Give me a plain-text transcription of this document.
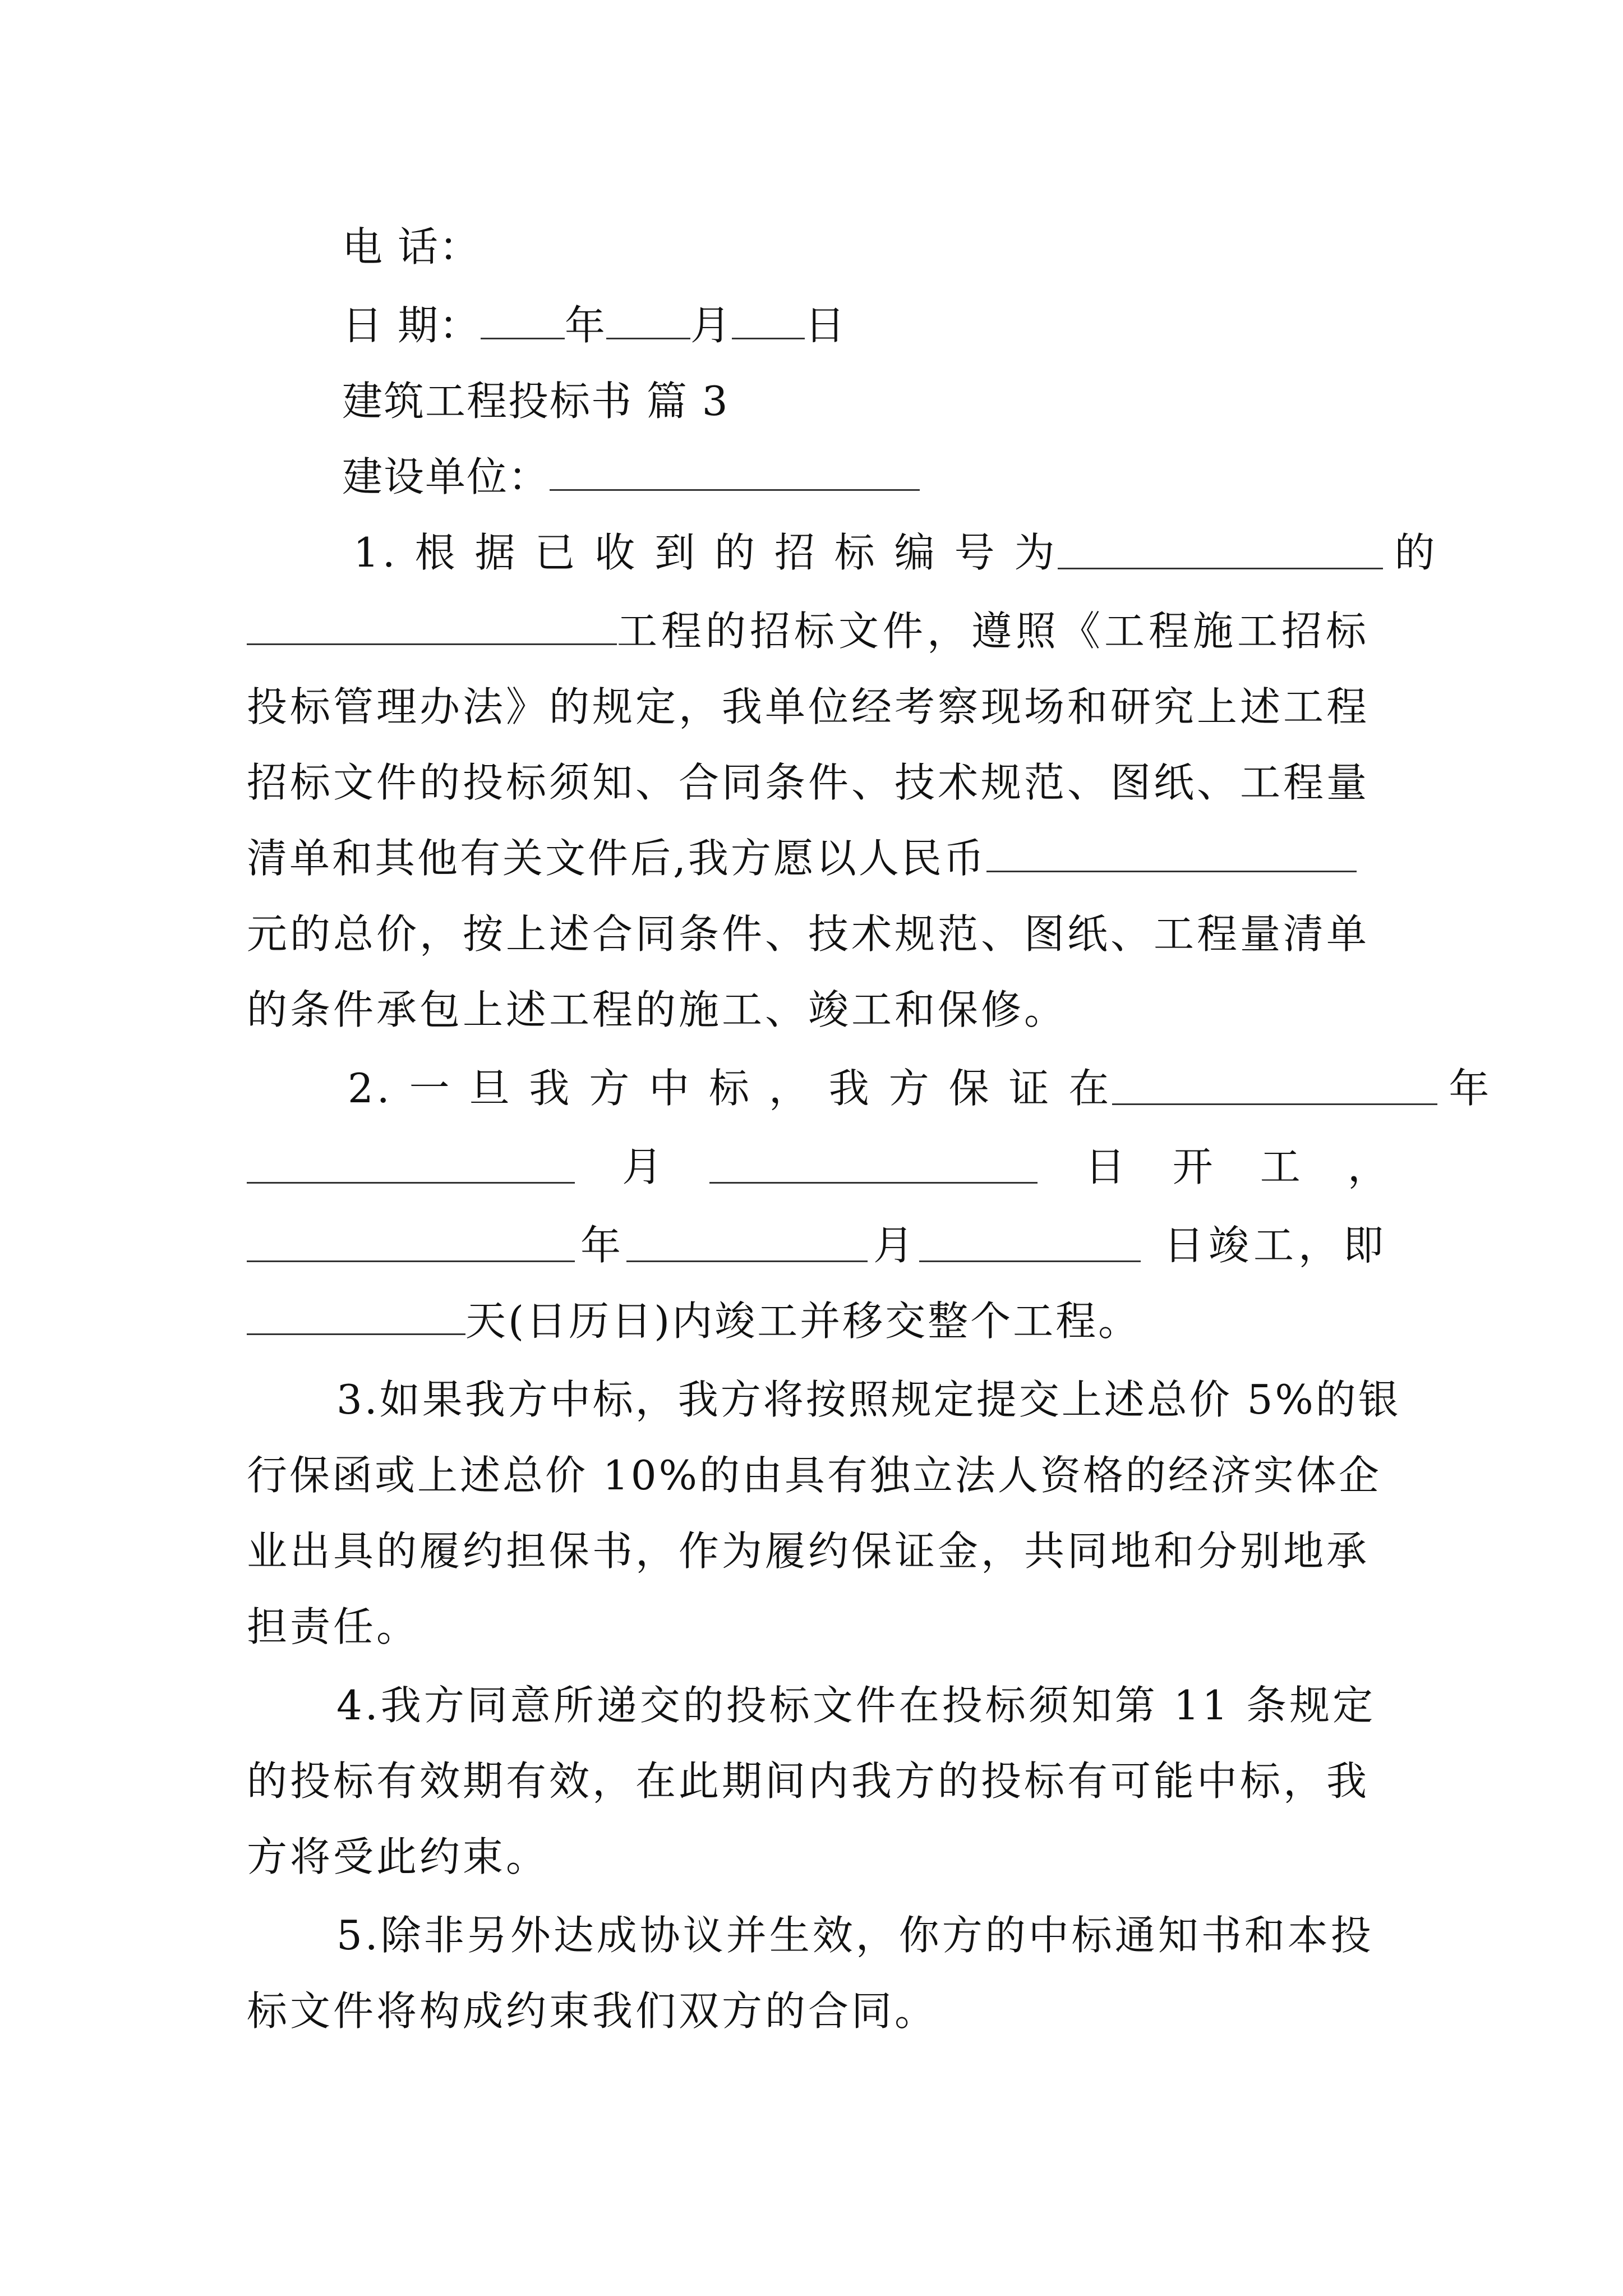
电 话：
日 期： 年 月 日
建筑工程投标书 篇 3
建设单位：
1. 根 据 已 收 到 的 招 标 编 号 为	的
工程的招标文件，遵照《工程施工招标
投标管理办法》的规定，我单位经考察现场和研究上述工程
招标文件的投标须知、合同条件、技术规范、图纸、工程量
清单和其他有关文件后,我方愿以人民币
元的总价，按上述合同条件、技术规范、图纸、工程量清单
的条件承包上述工程的施工、竣工和保修。
2. 一 旦 我 方 中 标 ， 我 方 保 证 在	年
月	日 开 工 ，
年	月	日竣工，即
天(日历日)内竣工并移交整个工程。
3.如果我方中标，我方将按照规定提交上述总价 5%的银
行保函或上述总价 10%的由具有独立法人资格的经济实体企
业出具的履约担保书，作为履约保证金，共同地和分别地承
担责任。
4.我方同意所递交的投标文件在投标须知第 11 条规定
的投标有效期有效，在此期间内我方的投标有可能中标，我
方将受此约束。
5.除非另外达成协议并生效，你方的中标通知书和本投
标文件将构成约束我们双方的合同。
